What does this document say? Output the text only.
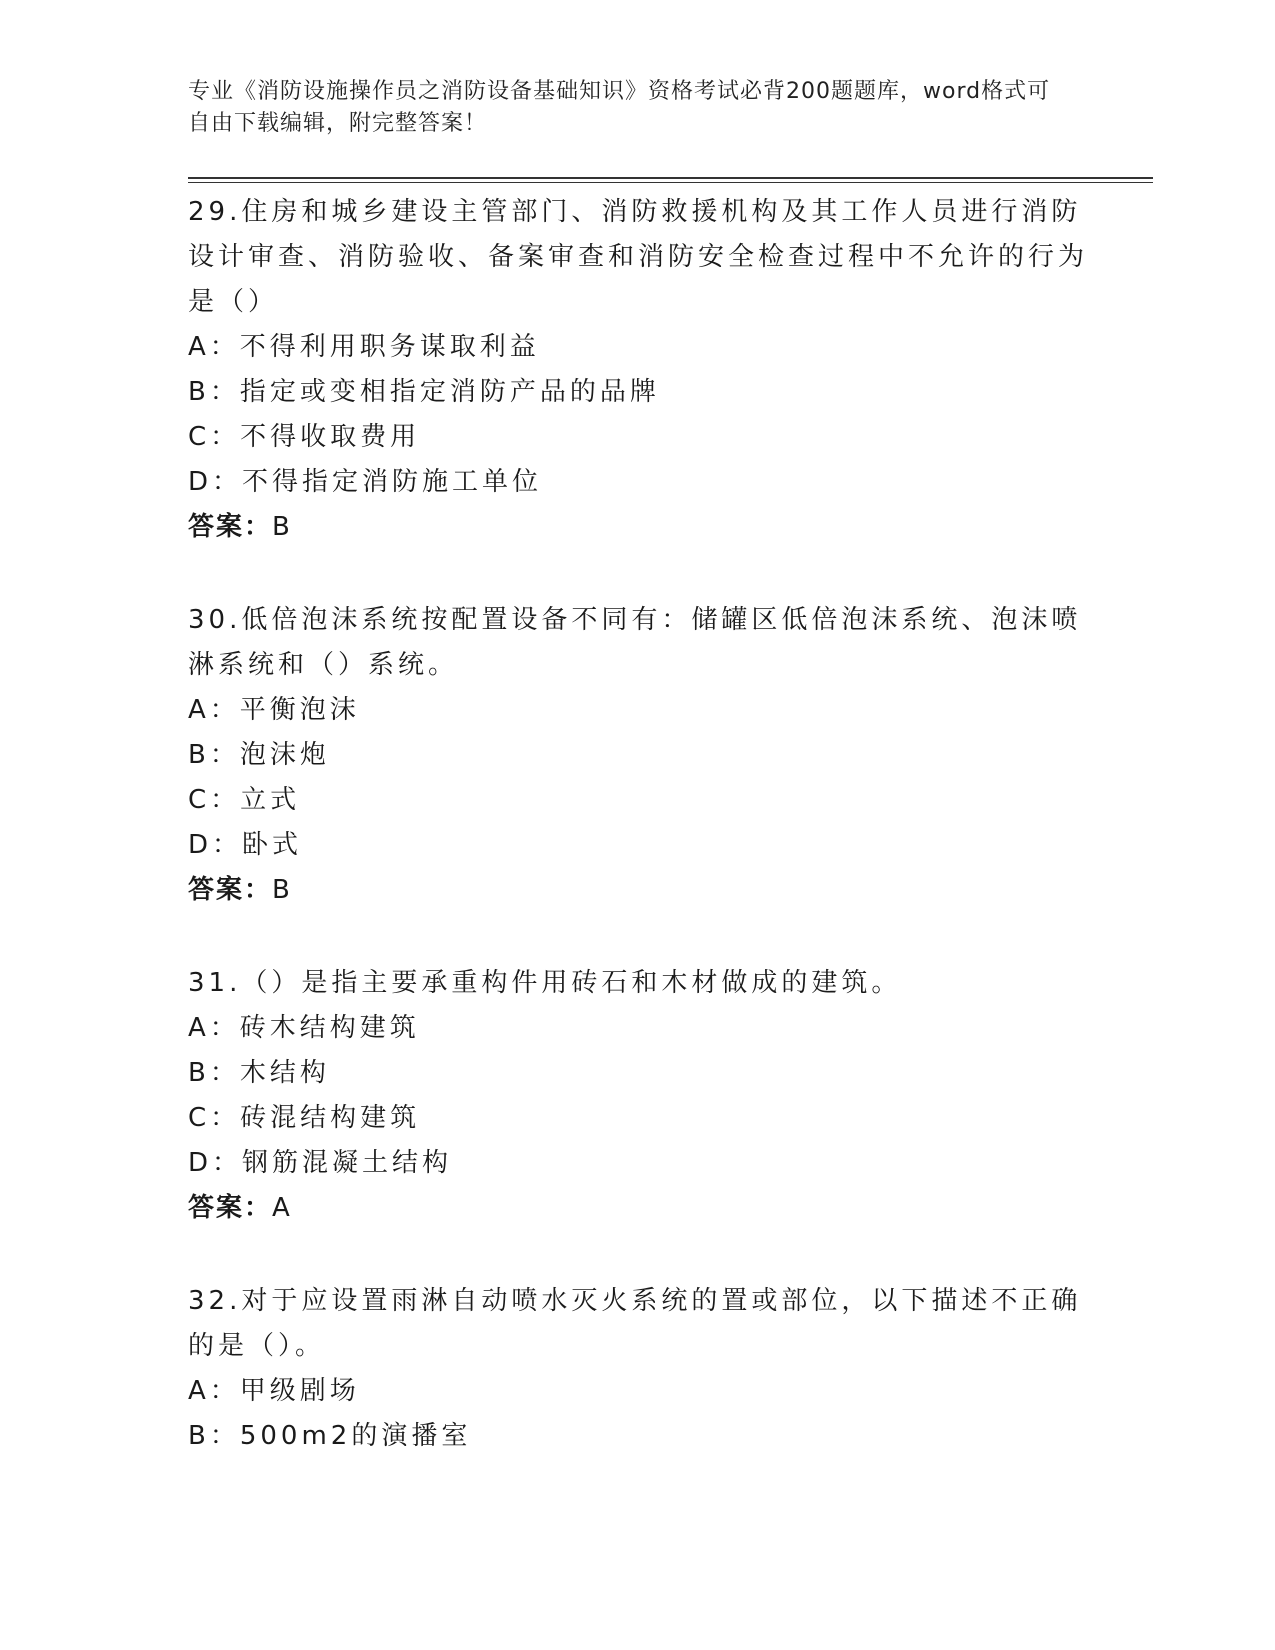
专业《消防设施操作员之消防设备基础知识》资格考试必背200题题库，word格式可自由下载编辑，附完整答案！

29.住房和城乡建设主管部门、消防救援机构及其工作人员进行消防设计审查、消防验收、备案审查和消防安全检查过程中不允许的行为是（）

A：不得利用职务谋取利益

B：指定或变相指定消防产品的品牌

C：不得收取费用

D：不得指定消防施工单位

答案：B

30.低倍泡沫系统按配置设备不同有：储罐区低倍泡沫系统、泡沫喷淋系统和（）系统。

A：平衡泡沫

B：泡沫炮

C：立式

D：卧式

答案：B

31.（）是指主要承重构件用砖石和木材做成的建筑。

A：砖木结构建筑

B：木结构

C：砖混结构建筑

D：钢筋混凝土结构

答案：A

32.对于应设置雨淋自动喷水灭火系统的置或部位，以下描述不正确的是（）。

A：甲级剧场

B：500m2的演播室
